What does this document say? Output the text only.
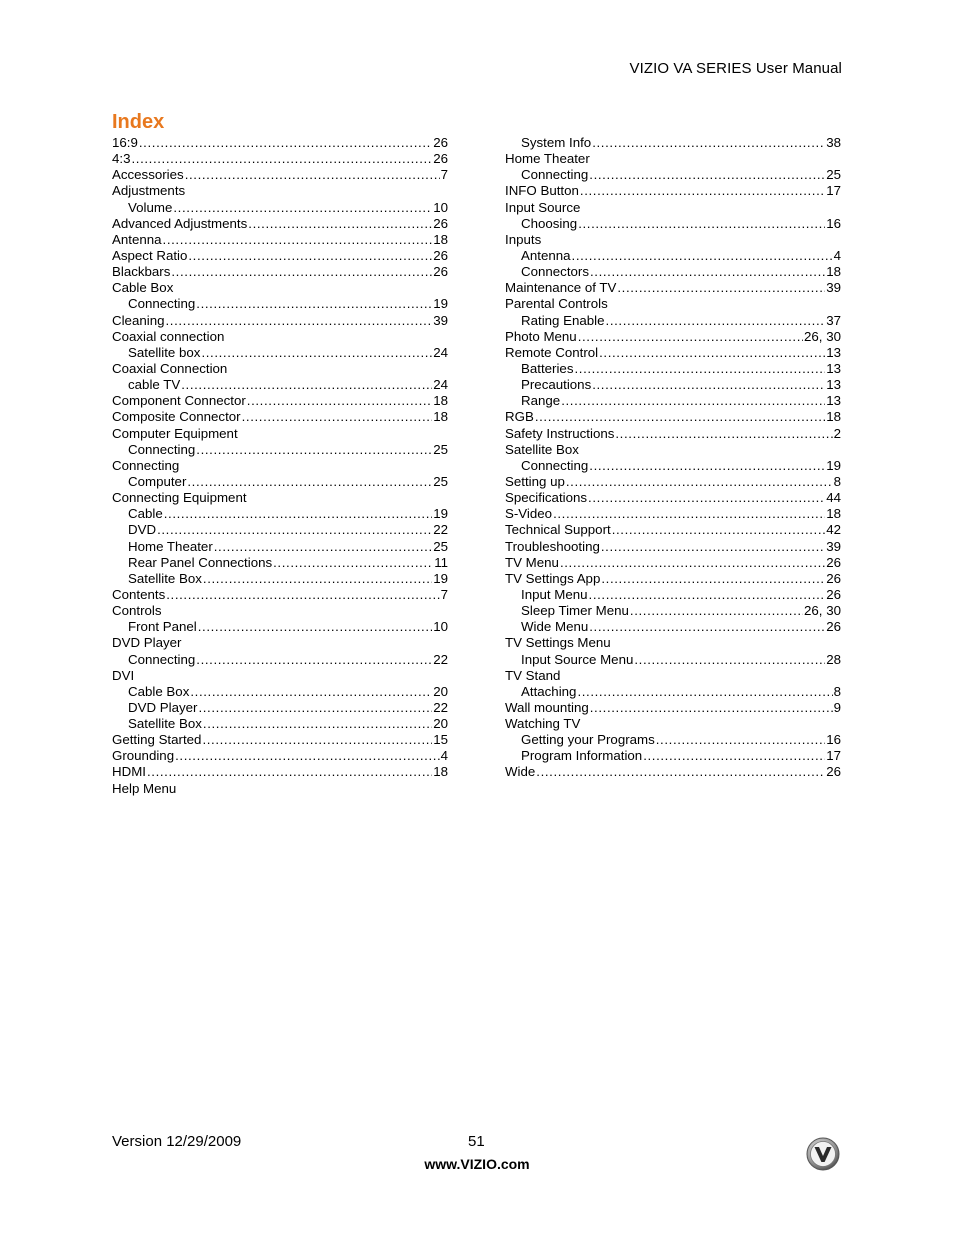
VIZIO VA SERIES User Manual
Index
16:9 .....	26
4:3 .....	26
Accessories .....	7
Adjustments
Volume .....	10
Advanced Adjustments .....	26
Antenna .....	18
Aspect Ratio .....	26
Blackbars .....	26
Cable Box
Connecting .....	19
Cleaning .....	39
Coaxial connection
Satellite box .....	24
Coaxial Connection
cable TV .....	24
Component Connector .....	18
Composite Connector .....	18
Computer Equipment
Connecting .....	25
Connecting
Computer .....	25
Connecting Equipment
Cable .....	19
DVD .....	22
Home Theater .....	25
Rear Panel Connections .....	11
Satellite Box .....	19
Contents .....	7
Controls
Front Panel .....	10
DVD Player
Connecting .....	22
DVI
Cable Box .....	20
DVD Player .....	22
Satellite Box .....	20
Getting Started .....	15
Grounding .....	4
HDMI .....	18
Help Menu
System Info .....	38
Home Theater
Connecting .....	25
INFO Button .....	17
Input Source
Choosing .....	16
Inputs
Antenna .....	4
Connectors .....	18
Maintenance of TV .....	39
Parental Controls
Rating Enable .....	37
Photo Menu .....	26, 30
Remote Control .....	13
Batteries .....	13
Precautions .....	13
Range .....	13
RGB .....	18
Safety Instructions .....	2
Satellite Box
Connecting .....	19
Setting up .....	8
Specifications .....	44
S-Video .....	18
Technical Support .....	42
Troubleshooting .....	39
TV Menu .....	26
TV Settings App .....	26
Input Menu .....	26
Sleep Timer Menu .....	26, 30
Wide Menu .....	26
TV Settings Menu
Input Source Menu .....	28
TV Stand
Attaching .....	8
Wall mounting .....	9
Watching TV
Getting your Programs .....	16
Program Information .....	17
Wide .....	26
Version 12/29/2009	51
www.VIZIO.com
